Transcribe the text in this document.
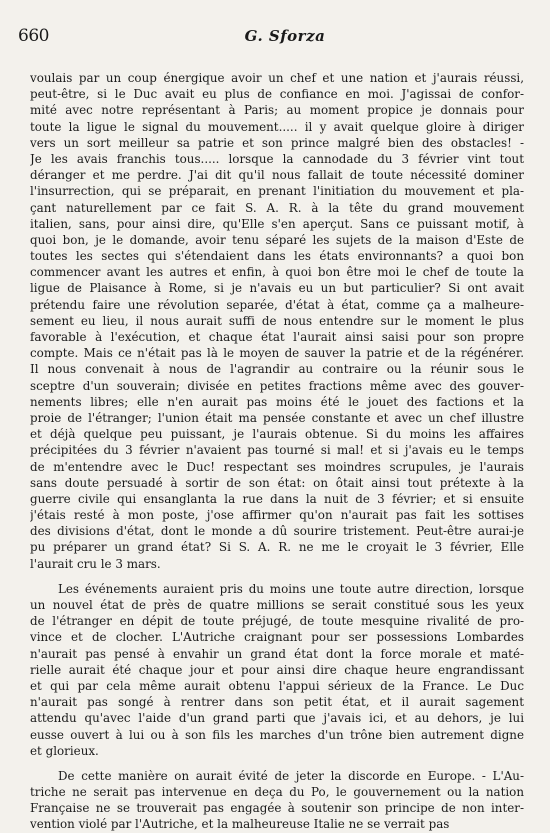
660	G. Sforza
voulais par un coup énergique avoir un chef et une nation et j'aurais réussi,
peut-être, si le Duc avait eu plus de confiance en moi. J'agissai de confor-
mité avec notre représentant à Paris; au moment propice je donnais pour
toute la ligue le signal du mouvement..... il y avait quelque gloire à diriger
vers un sort meilleur sa patrie et son prince malgré bien des obstacles! -
Je les avais franchis tous..... lorsque la cannodade du 3 février vint tout
déranger et me perdre. J'ai dit qu'il nous fallait de toute nécessité dominer
l'insurrection, qui se préparait, en prenant l'initiation du mouvement et pla-
çant naturellement par ce fait S. A. R. à la tête du grand mouvement
italien, sans, pour ainsi dire, qu'Elle s'en aperçut. Sans ce puissant motif, à
quoi bon, je le domande, avoir tenu séparé les sujets de la maison d'Este de
toutes les sectes qui s'étendaient dans les états environnants? a quoi bon
commencer avant les autres et enfin, à quoi bon être moi le chef de toute la
ligue de Plaisance à Rome, si je n'avais eu un but particulier? Si ont avait
prétendu faire une révolution separée, d'état à état, comme ça a malheure-
sement eu lieu, il nous aurait suffi de nous entendre sur le moment le plus
favorable à l'exécution, et chaque état l'aurait ainsi saisi pour son propre
compte. Mais ce n'était pas là le moyen de sauver la patrie et de la régénérer.
Il nous convenait à nous de l'agrandir au contraire ou la réunir sous le
sceptre d'un souverain; divisée en petites fractions même avec des gouver-
nements libres; elle n'en aurait pas moins été le jouet des factions et la
proie de l'étranger; l'union était ma pensée constante et avec un chef illustre
et déjà quelque peu puissant, je l'aurais obtenue. Si du moins les affaires
précipitées du 3 février n'avaient pas tourné si mal! et si j'avais eu le temps
de m'entendre avec le Duc! respectant ses moindres scrupules, je l'aurais
sans doute persuadé à sortir de son état: on ôtait ainsi tout prétexte à la
guerre civile qui ensanglanta la rue dans la nuit de 3 février; et si ensuite
j'étais resté à mon poste, j'ose affirmer qu'on n'aurait pas fait les sottises
des divisions d'état, dont le monde a dû sourire tristement. Peut-être aurai-je
pu préparer un grand état? Si S. A. R. ne me le croyait le 3 février, Elle
l'aurait cru le 3 mars.
Les événements auraient pris du moins une toute autre direction, lorsque
un nouvel état de près de quatre millions se serait constitué sous les yeux
de l'étranger en dépit de toute préjugé, de toute mesquine rivalité de pro-
vince et de clocher. L'Autriche craignant pour ser possessions Lombardes
n'aurait pas pensé à envahir un grand état dont la force morale et maté-
rielle aurait été chaque jour et pour ainsi dire chaque heure engrandissant
et qui par cela même aurait obtenu l'appui sérieux de la France. Le Duc
n'aurait pas songé à rentrer dans son petit état, et il aurait sagement
attendu qu'avec l'aide d'un grand parti que j'avais ici, et au dehors, je lui
eusse ouvert à lui ou à son fils les marches d'un trône bien autrement digne
et glorieux.
De cette manière on aurait évité de jeter la discorde en Europe. - L'Au-
triche ne serait pas intervenue en deça du Po, le gouvernement ou la nation
Française ne se trouverait pas engagée à soutenir son principe de non inter-
vention violé par l'Autriche, et la malheureuse Italie ne se verrait pas
